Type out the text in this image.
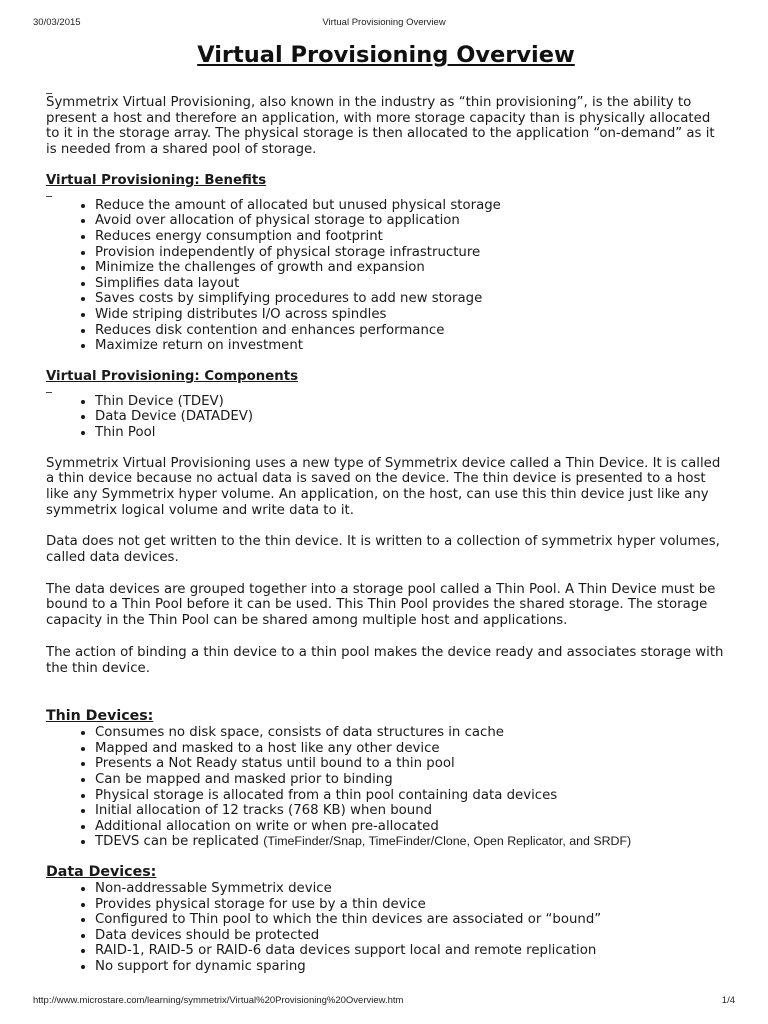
30/03/2015	Virtual Provisioning Overview
Virtual Provisioning Overview

Symmetrix Virtual Provisioning, also known in the industry as “thin provisioning”, is the ability to present a host and therefore an application, with more storage capacity than is physically allocated to it in the storage array. The physical storage is then allocated to the application “on-demand” as it is needed from a shared pool of storage.

Virtual Provisioning: Benefits
• Reduce the amount of allocated but unused physical storage
• Avoid over allocation of physical storage to application
• Reduces energy consumption and footprint
• Provision independently of physical storage infrastructure
• Minimize the challenges of growth and expansion
• Simplifies data layout
• Saves costs by simplifying procedures to add new storage
• Wide striping distributes I/O across spindles
• Reduces disk contention and enhances performance
• Maximize return on investment
Virtual Provisioning: Components
• Thin Device (TDEV)
• Data Device (DATADEV)
• Thin Pool

Symmetrix Virtual Provisioning uses a new type of Symmetrix device called a Thin Device. It is called a thin device because no actual data is saved on the device. The thin device is presented to a host like any Symmetrix hyper volume. An application, on the host, can use this thin device just like any symmetrix logical volume and write data to it.

Data does not get written to the thin device. It is written to a collection of symmetrix hyper volumes, called data devices.

The data devices are grouped together into a storage pool called a Thin Pool. A Thin Device must be bound to a Thin Pool before it can be used. This Thin Pool provides the shared storage. The storage capacity in the Thin Pool can be shared among multiple host and applications.

The action of binding a thin device to a thin pool makes the device ready and associates storage with the thin device.

Thin Devices:
• Consumes no disk space, consists of data structures in cache
• Mapped and masked to a host like any other device
• Presents a Not Ready status until bound to a thin pool
• Can be mapped and masked prior to binding
• Physical storage is allocated from a thin pool containing data devices
• Initial allocation of 12 tracks (768 KB) when bound
• Additional allocation on write or when pre-allocated
• TDEVS can be replicated (TimeFinder/Snap, TimeFinder/Clone, Open Replicator, and SRDF)
Data Devices:
• Non-addressable Symmetrix device
• Provides physical storage for use by a thin device
• Configured to Thin pool to which the thin devices are associated or “bound”
• Data devices should be protected
• RAID-1, RAID-5 or RAID-6 data devices support local and remote replication
• No support for dynamic sparing
http://www.microstare.com/learning/symmetrix/Virtual%20Provisioning%20Overview.htm	1/4
